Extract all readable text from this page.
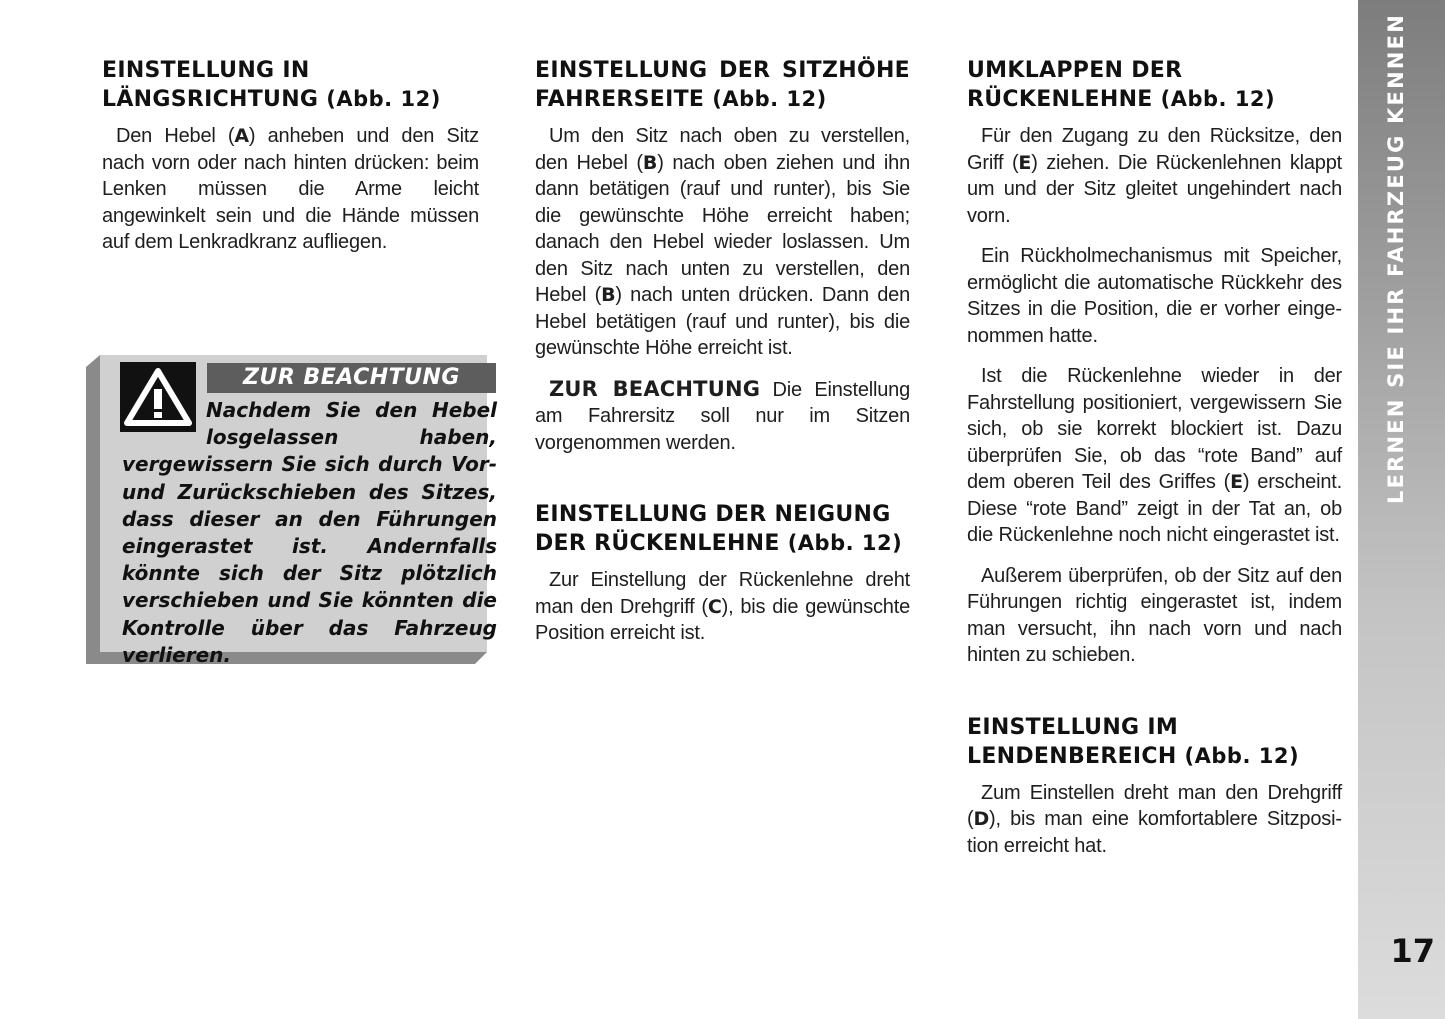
EINSTELLUNG IN
LÄNGSRICHTUNG (Abb. 12)

Den Hebel (A) anheben und den Sitz nach vorn oder nach hinten drücken: beim Lenken müssen die Arme leicht angewinkelt sein und die Hände müssen auf dem Lenkradkranz aufliegen.

ZUR BEACHTUNG
Nachdem Sie den Hebel losgelassen haben, vergewissern Sie sich durch Vor- und Zurückschieben des Sitzes, dass dieser an den Führungen eingerastet ist. Andernfalls könnte sich der Sitz plötzlich verschieben und Sie könnten die Kontrolle über das Fahrzeug verlieren.
EINSTELLUNG DER SITZHÖHE
FAHRERSEITE (Abb. 12)

Um den Sitz nach oben zu verstellen, den Hebel (B) nach oben ziehen und ihn dann betätigen (rauf und runter), bis Sie die gewünschte Höhe erreicht haben; danach den Hebel wieder loslassen. Um den Sitz nach unten zu verstellen, den Hebel (B) nach unten drücken. Dann den Hebel betätigen (rauf und runter), bis die gewünschte Höhe erreicht ist.

ZUR BEACHTUNG Die Einstellung am Fahrersitz soll nur im Sitzen vorgenommen werden.

EINSTELLUNG DER NEIGUNG
DER RÜCKENLEHNE (Abb. 12)

Zur Einstellung der Rückenlehne dreht man den Drehgriff (C), bis die gewünschte Position erreicht ist.

UMKLAPPEN DER
RÜCKENLEHNE (Abb. 12)

Für den Zugang zu den Rücksitze, den Griff (E) ziehen. Die Rückenlehnen klappt um und der Sitz gleitet ungehindert nach vorn.

Ein Rückholmechanismus mit Speicher, ermöglicht die automatische Rückkehr des Sitzes in die Position, die er vorher eingenommen hatte.

Ist die Rückenlehne wieder in der Fahrstellung positioniert, vergewissern Sie sich, ob sie korrekt blockiert ist. Dazu überprüfen Sie, ob das “rote Band” auf dem oberen Teil des Griffes (E) erscheint. Diese “rote Band” zeigt in der Tat an, ob die Rückenlehne noch nicht eingerastet ist.

Außerem überprüfen, ob der Sitz auf den Führungen richtig eingerastet ist, indem man versucht, ihn nach vorn und nach hinten zu schieben.

EINSTELLUNG IM
LENDENBEREICH (Abb. 12)

Zum Einstellen dreht man den Drehgriff (D), bis man eine komfortablere Sitzposition erreicht hat.

LERNEN SIE IHR FAHRZEUG KENNEN
17
